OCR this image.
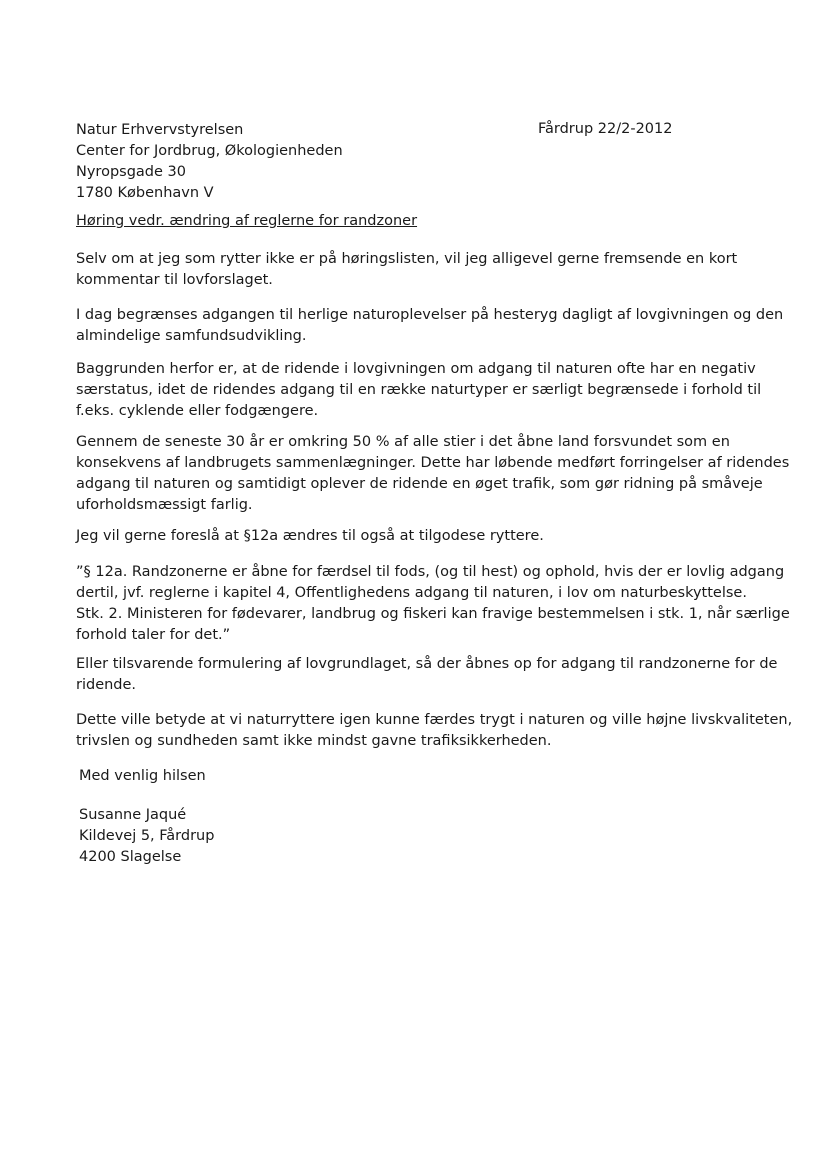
Natur Erhvervstyrelsen
Center for Jordbrug, Økologienheden
Nyropsgade 30
1780 København V
Fårdrup 22/2-2012
Høring vedr. ændring af reglerne for randzoner
Selv om at jeg som rytter ikke er på høringslisten, vil jeg alligevel gerne fremsende en kort
kommentar til lovforslaget.
I dag begrænses adgangen til herlige naturoplevelser på hesteryg dagligt af lovgivningen og den
almindelige samfundsudvikling.
Baggrunden herfor er, at de ridende i lovgivningen om adgang til naturen ofte har en negativ
særstatus, idet de ridendes adgang til en række naturtyper er særligt begrænsede i forhold til
f.eks. cyklende eller fodgængere.
Gennem de seneste 30 år er omkring 50 % af alle stier i det åbne land forsvundet som en
konsekvens af landbrugets sammenlægninger. Dette har løbende medført forringelser af ridendes
adgang til naturen og samtidigt oplever de ridende en øget trafik, som gør ridning på småveje
uforholdsmæssigt farlig.
Jeg vil gerne foreslå at §12a ændres til også at tilgodese ryttere.
”§ 12a. Randzonerne er åbne for færdsel til fods, (og til hest) og ophold, hvis der er lovlig adgang
dertil, jvf. reglerne i kapitel 4, Offentlighedens adgang til naturen, i lov om naturbeskyttelse.
Stk. 2. Ministeren for fødevarer, landbrug og fiskeri kan fravige bestemmelsen i stk. 1, når særlige
forhold taler for det.”
Eller tilsvarende formulering af lovgrundlaget, så der åbnes op for adgang til randzonerne for de
ridende.
Dette ville betyde at vi naturryttere igen kunne færdes trygt i naturen og ville højne livskvaliteten,
trivslen og sundheden samt ikke mindst gavne trafiksikkerheden.
Med venlig hilsen
Susanne Jaqué
Kildevej 5, Fårdrup
4200 Slagelse
